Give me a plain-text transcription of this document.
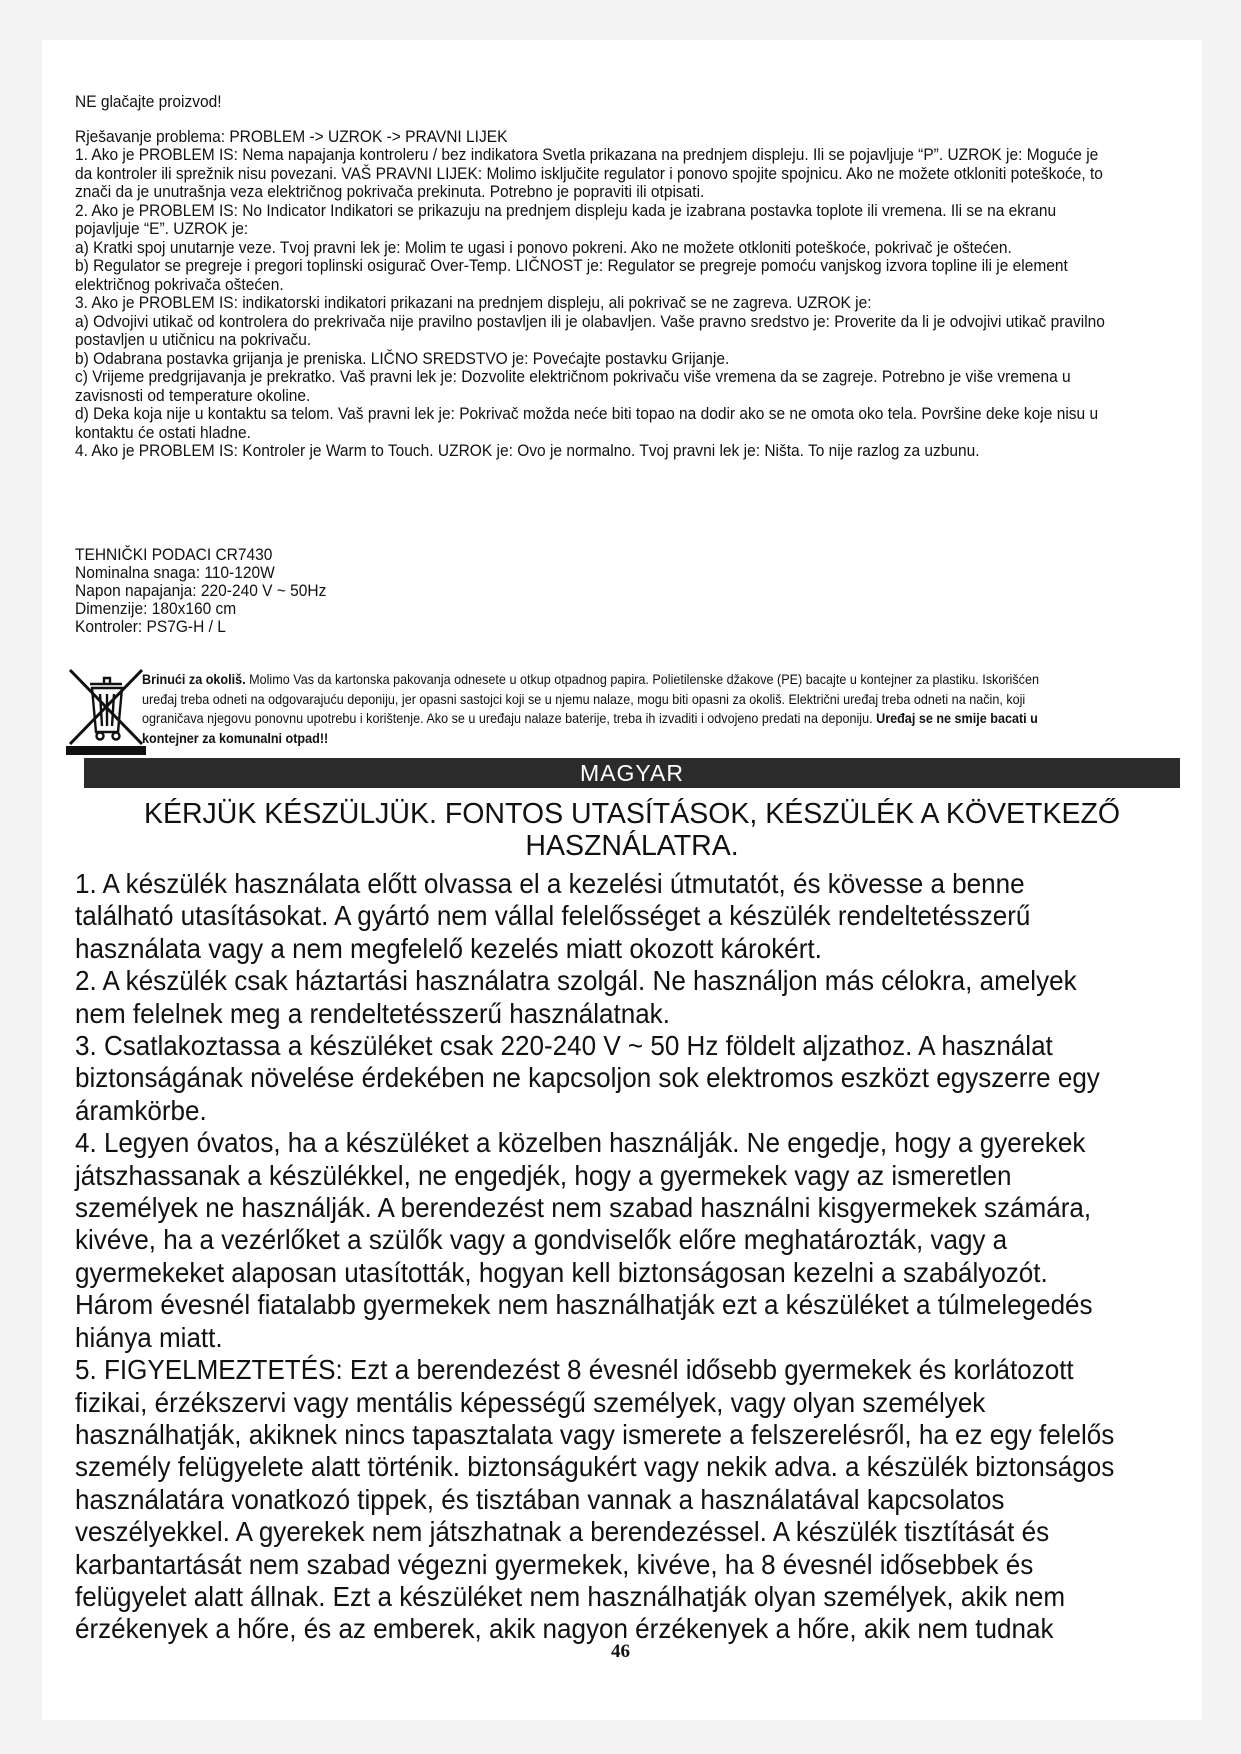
NE glačajte proizvod!

Rješavanje problema: PROBLEM -> UZROK -> PRAVNI LIJEK

1. Ako je PROBLEM IS: Nema napajanja kontroleru / bez indikatora Svetla prikazana na prednjem displeju. Ili se pojavljuje “P”. UZROK je: Moguće je da kontroler ili sprežnik nisu povezani. VAŠ PRAVNI LIJEK: Molimo isključite regulator i ponovo spojite spojnicu. Ako ne možete otkloniti poteškoće, to znači da je unutrašnja veza električnog pokrivača prekinuta. Potrebno je popraviti ili otpisati.

2. Ako je PROBLEM IS: No Indicator Indikatori se prikazuju na prednjem displeju kada je izabrana postavka toplote ili vremena. Ili se na ekranu pojavljuje “E”. UZROK je:

a) Kratki spoj unutarnje veze. Tvoj pravni lek je: Molim te ugasi i ponovo pokreni. Ako ne možete otkloniti poteškoće, pokrivač je oštećen.

b) Regulator se pregreje i pregori toplinski osigurač Over-Temp. LIČNOST je: Regulator se pregreje pomoću vanjskog izvora topline ili je element električnog pokrivača oštećen.

3. Ako je PROBLEM IS: indikatorski indikatori prikazani na prednjem displeju, ali pokrivač se ne zagreva. UZROK je:

a) Odvojivi utikač od kontrolera do prekrivača nije pravilno postavljen ili je olabavljen. Vaše pravno sredstvo je: Proverite da li je odvojivi utikač pravilno postavljen u utičnicu na pokrivaču.

b) Odabrana postavka grijanja je preniska. LIČNO SREDSTVO je: Povećajte postavku Grijanje.

c) Vrijeme predgrijavanja je prekratko. Vaš pravni lek je: Dozvolite električnom pokrivaču više vremena da se zagreje. Potrebno je više vremena u zavisnosti od temperature okoline.

d) Deka koja nije u kontaktu sa telom. Vaš pravni lek je: Pokrivač možda neće biti topao na dodir ako se ne omota oko tela. Površine deke koje nisu u kontaktu će ostati hladne.

4. Ako je PROBLEM IS: Kontroler je Warm to Touch. UZROK je: Ovo je normalno. Tvoj pravni lek je: Ništa. To nije razlog za uzbunu.

TEHNIČKI PODACI CR7430

Nominalna snaga: 110-120W

Napon napajanja: 220-240 V ~ 50Hz

Dimenzije: 180x160 cm

Kontroler: PS7G-H / L

Brinući za okoliš. Molimo Vas da kartonska pakovanja odnesete u otkup otpadnog papira. Polietilenske džakove (PE) bacajte u kontejner za plastiku. Iskorišćen uređaj treba odneti na odgovarajuću deponiju, jer opasni sastojci koji se u njemu nalaze, mogu biti opasni za okoliš. Električni uređaj treba odneti na način, koji ograničava njegovu ponovnu upotrebu i korištenje. Ako se u uređaju nalaze baterije, treba ih izvaditi i odvojeno predati na deponiju. Uređaj se ne smije bacati u kontejner za komunalni otpad!!
MAGYAR
KÉRJÜK KÉSZÜLJÜK. FONTOS UTASÍTÁSOK, KÉSZÜLÉK A KÖVETKEZŐ HASZNÁLATRA.

1. A készülék használata előtt olvassa el a kezelési útmutatót, és kövesse a benne található utasításokat. A gyártó nem vállal felelősséget a készülék rendeltetésszerű használata vagy a nem megfelelő kezelés miatt okozott károkért.

2. A készülék csak háztartási használatra szolgál. Ne használjon más célokra, amelyek nem felelnek meg a rendeltetésszerű használatnak.

3. Csatlakoztassa a készüléket csak 220-240 V ~ 50 Hz földelt aljzathoz. A használat biztonságának növelése érdekében ne kapcsoljon sok elektromos eszközt egyszerre egy áramkörbe.

4. Legyen óvatos, ha a készüléket a közelben használják. Ne engedje, hogy a gyerekek játszhassanak a készülékkel, ne engedjék, hogy a gyermekek vagy az ismeretlen személyek ne használják. A berendezést nem szabad használni kisgyermekek számára, kivéve, ha a vezérlőket a szülők vagy a gondviselők előre meghatározták, vagy a gyermekeket alaposan utasították, hogyan kell biztonságosan kezelni a szabályozót. Három évesnél fiatalabb gyermekek nem használhatják ezt a készüléket a túlmelegedés hiánya miatt.

5. FIGYELMEZTETÉS: Ezt a berendezést 8 évesnél idősebb gyermekek és korlátozott fizikai, érzékszervi vagy mentális képességű személyek, vagy olyan személyek használhatják, akiknek nincs tapasztalata vagy ismerete a felszerelésről, ha ez egy felelős személy felügyelete alatt történik. biztonságukért vagy nekik adva. a készülék biztonságos használatára vonatkozó tippek, és tisztában vannak a használatával kapcsolatos veszélyekkel. A gyerekek nem játszhatnak a berendezéssel. A készülék tisztítását és karbantartását nem szabad végezni gyermekek, kivéve, ha 8 évesnél idősebbek és felügyelet alatt állnak. Ezt a készüléket nem használhatják olyan személyek, akik nem érzékenyek a hőre, és az emberek, akik nagyon érzékenyek a hőre, akik nem tudnak

46
